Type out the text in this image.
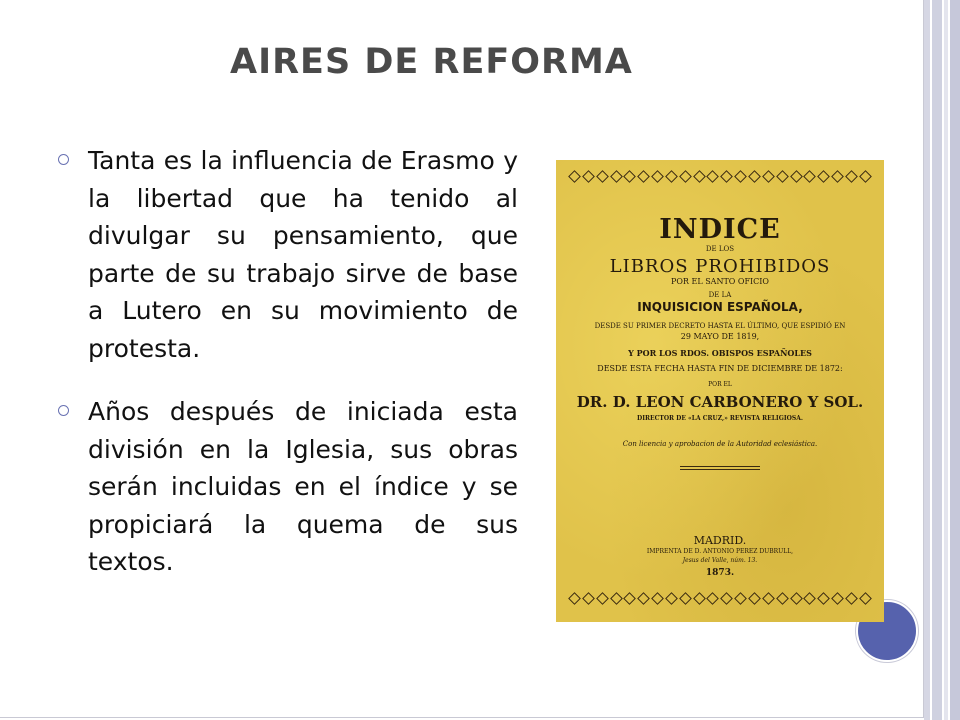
AIRES DE REFORMA
Tanta es la influencia de Erasmo y la libertad que ha tenido al divulgar su pensamiento, que parte de su trabajo sirve de base a Lutero en su movimiento de protesta.
Años después de iniciada esta división en la Iglesia, sus obras serán incluidas en el índice y se propiciará la quema de sus textos.
INDICE
DE LOS
LIBROS PROHIBIDOS
POR EL SANTO OFICIO
DE LA
INQUISICION ESPAÑOLA,
DESDE SU PRIMER DECRETO HASTA EL ÚLTIMO, QUE ESPIDIÓ EN
29 MAYO DE 1819,
Y POR LOS RDOS. OBISPOS ESPAÑOLES
DESDE ESTA FECHA HASTA FIN DE DICIEMBRE DE 1872:
POR EL
DR. D. LEON CARBONERO Y SOL.
DIRECTOR DE «LA CRUZ,» REVISTA RELIGIOSA.
Con licencia y aprobacion de la Autoridad eclesiástica.
MADRID.
IMPRENTA DE D. ANTONIO PEREZ DUBRULL,
Jesus del Valle, núm. 13.
1873.
